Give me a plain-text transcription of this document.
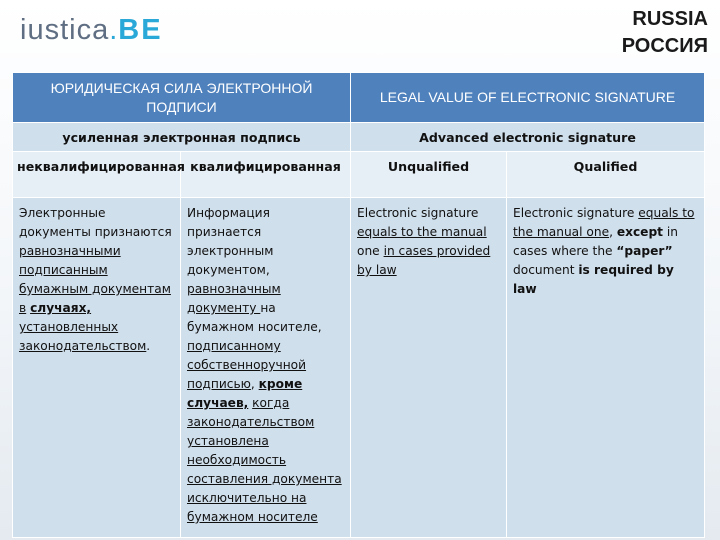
iustica.BE	RUSSIA
РОССИЯ
ЮРИДИЧЕСКАЯ СИЛА ЭЛЕКТРОННОЙ ПОДПИСИ		LEGAL VALUE OF ELECTRONIC SIGNATURE	
усиленная электронная подпись		Advanced electronic signature	
неквалифицированная	квалифицированная	Unqualified	Qualified
Электронные документы признаются равнозначными подписанным бумажным документам в случаях, установленных законодательством.	Информация признается электронным документом, равнозначным документу на бумажном носителе, подписанному собственноручной подписью, кроме случаев, когда законодательством установлена необходимость составления документа исключительно на бумажном носителе	Electronic signature equals to the manual one in cases provided by law	Electronic signature equals to the manual one, except in cases where the “paper” document is required by law
